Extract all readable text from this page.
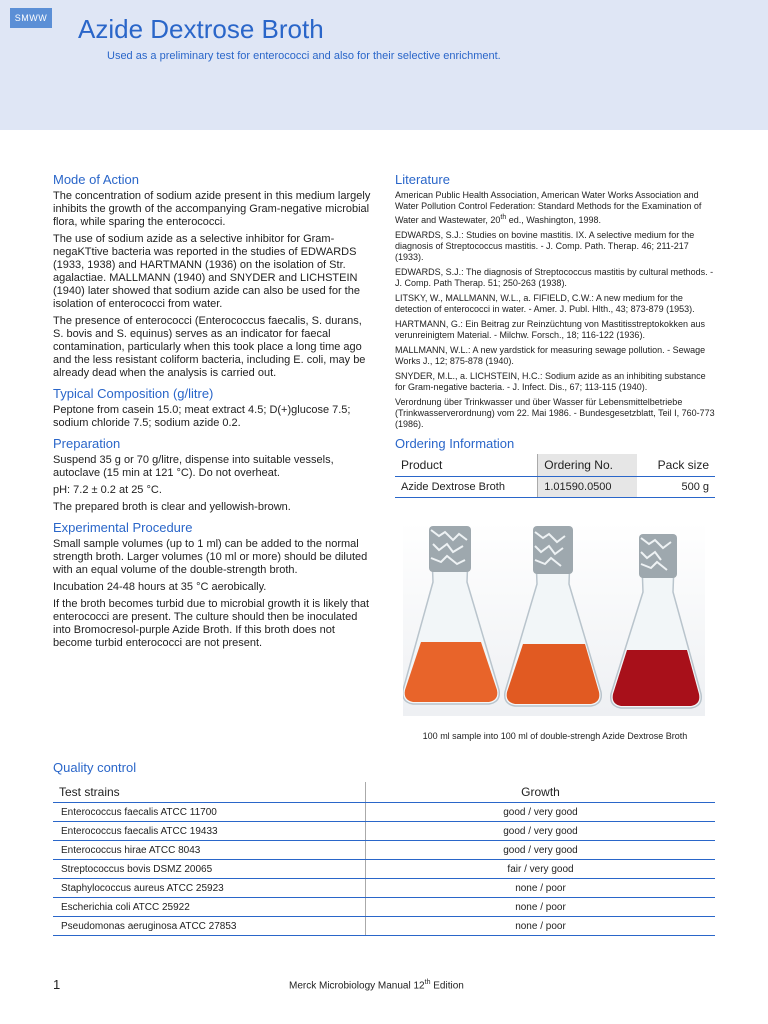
SMWW Azide Dextrose Broth
Used as a preliminary test for enterococci and also for their selective enrichment.
Mode of Action

The concentration of sodium azide present in this medium largely inhibits the growth of the accompanying Gram-negative microbial flora, while sparing the enterococci.

The use of sodium azide as a selective inhibitor for Gram-negaKTtive bacteria was reported in the studies of EDWARDS (1933, 1938) and HARTMANN (1936) on the isolation of Str. agalactiae. MALLMANN (1940) and SNYDER and LICHSTEIN (1940) later showed that sodium azide can also be used for the isolation of enterococci from water.

The presence of enterococci (Enterococcus faecalis, S. durans, S. bovis and S. equinus) serves as an indicator for faecal contamination, particularly when this took place a long time ago and the less resistant coliform bacteria, including E. coli, may be already dead when the analysis is carried out.

Typical Composition (g/litre)

Peptone from casein 15.0; meat extract 4.5; D(+)glucose 7.5; sodium chloride 7.5; sodium azide 0.2.

Preparation

Suspend 35 g or 70 g/litre, dispense into suitable vessels, autoclave (15 min at 121 °C). Do not overheat.

pH: 7.2 ± 0.2 at 25 °C.

The prepared broth is clear and yellowish-brown.

Experimental Procedure

Small sample volumes (up to 1 ml) can be added to the normal strength broth. Larger volumes (10 ml or more) should be diluted with an equal volume of the double-strength broth.

Incubation 24-48 hours at 35 °C aerobically.

If the broth becomes turbid due to microbial growth it is likely that enterococci are present. The culture should then be inoculated into Bromocresol-purple Azide Broth. If this broth does not become turbid enterococci are not present.

Literature

American Public Health Association, American Water Works Association and Water Pollution Control Federation: Standard Methods for the Examination of Water and Wastewater, 20th ed., Washington, 1998.

EDWARDS, S.J.: Studies on bovine mastitis. IX. A selective medium for the diagnosis of Streptococcus mastitis. - J. Comp. Path. Therap. 46; 211-217 (1933).

EDWARDS, S.J.: The diagnosis of Streptococcus mastitis by cultural methods. - J. Comp. Path Therap. 51; 250-263 (1938).

LITSKY, W., MALLMANN, W.L., a. FIFIELD, C.W.: A new medium for the detection of enterococci in water. - Amer. J. Publ. Hlth., 43; 873-879 (1953).

HARTMANN, G.: Ein Beitrag zur Reinzüchtung von Mastitisstreptokokken aus verunreinigtem Material. - Milchw. Forsch., 18; 116-122 (1936).

MALLMANN, W.L.: A new yardstick for measuring sewage pollution. - Sewage Works J., 12; 875-878 (1940).

SNYDER, M.L., a. LICHSTEIN, H.C.: Sodium azide as an inhibiting substance for Gram-negative bacteria. - J. Infect. Dis., 67; 113-115 (1940).

Verordnung über Trinkwasser und über Wasser für Lebensmittelbetriebe (Trinkwasserverordnung) vom 22. Mai 1986. - Bundesgesetzblatt, Teil I, 760-773 (1986).

Ordering Information
Product	Ordering No.	Pack size
Azide Dextrose Broth	1.01590.0500	500 g
100 ml sample into 100 ml of double-strengh Azide Dextrose Broth
Quality control
Test strains	Growth
Enterococcus faecalis ATCC 11700	good / very good
Enterococcus faecalis ATCC 19433	good / very good
Enterococcus hirae ATCC 8043	good / very good
Streptococcus bovis DSMZ 20065	fair / very good
Staphylococcus aureus ATCC 25923	none / poor
Escherichia coli ATCC 25922	none / poor
Pseudomonas aeruginosa ATCC 27853	none / poor
1	Merck Microbiology Manual 12th Edition
